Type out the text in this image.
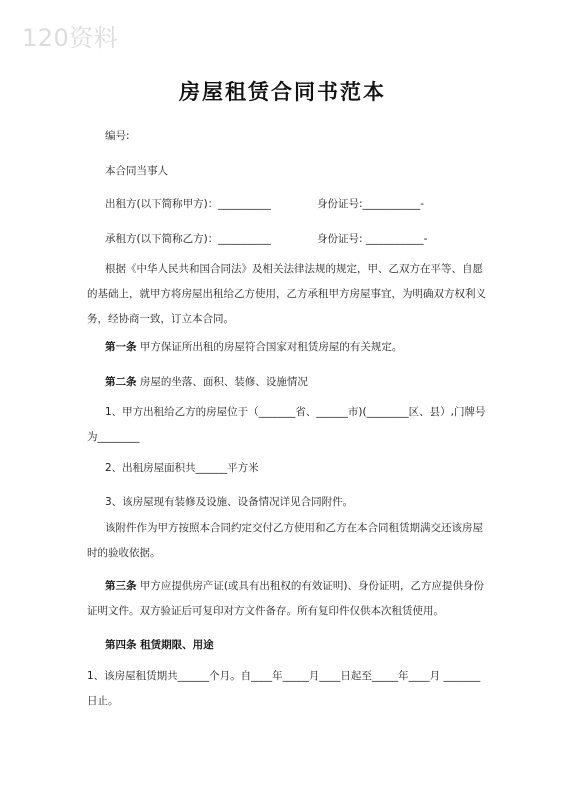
120资料
房屋租赁合同书范本
编号:
本合同当事人
出租方(以下简称甲方)：__________	身份证号:___________-
承租方(以下简称乙方)：__________	身份证号: ___________-
根据《中华人民共和国合同法》及相关法律法规的规定，甲、乙双方在平等、自愿的基础上，就甲方将房屋出租给乙方使用，乙方承租甲方房屋事宜，为明确双方权利义务，经协商一致，订立本合同。
第一条 甲方保证所出租的房屋符合国家对租赁房屋的有关规定。
第二条 房屋的坐落、面积、装修、设施情况
1、甲方出租给乙方的房屋位于（_______省、______市)(________区、县）,门牌号为________
2、出租房屋面积共______平方米
3、该房屋现有装修及设施、设备情况详见合同附件。
该附件作为甲方按照本合同约定交付乙方使用和乙方在本合同租赁期满交还该房屋时的验收依据。
第三条 甲方应提供房产证(或具有出租权的有效证明)、身份证明，乙方应提供身份证明文件。双方验证后可复印对方文件备存。所有复印件仅供本次租赁使用。
第四条 租赁期限、用途
1、该房屋租赁期共______个月。自____年_____月____日起至_____年____月 _______日止。
